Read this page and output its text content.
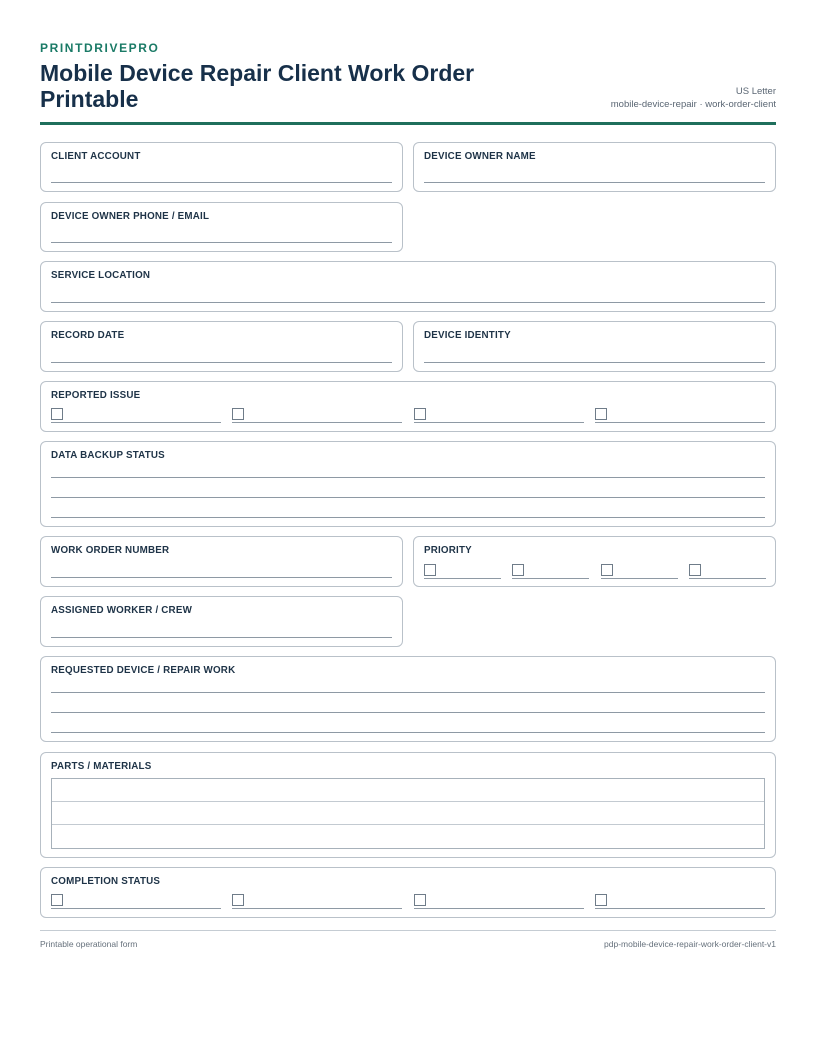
PRINTDRIVEPRO
Mobile Device Repair Client Work Order Printable	US Letter
mobile-device-repair · work-order-client
CLIENT ACCOUNT	DEVICE OWNER NAME
DEVICE OWNER PHONE / EMAIL
SERVICE LOCATION
RECORD DATE	DEVICE IDENTITY
REPORTED ISSUE
DATA BACKUP STATUS
WORK ORDER NUMBER	PRIORITY
ASSIGNED WORKER / CREW
REQUESTED DEVICE / REPAIR WORK
PARTS / MATERIALS
COMPLETION STATUS
Printable operational form	pdp-mobile-device-repair-work-order-client-v1
